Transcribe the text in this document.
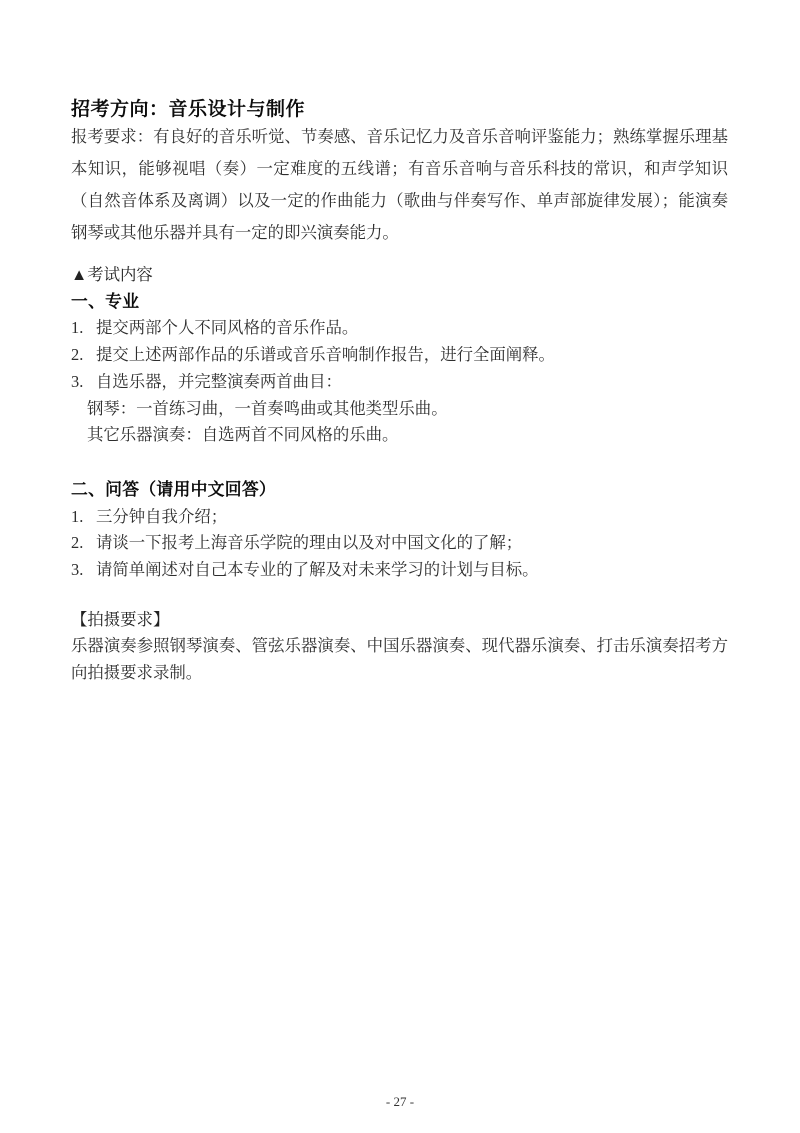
招考方向：音乐设计与制作

报考要求：有良好的音乐听觉、节奏感、音乐记忆力及音乐音响评鉴能力；熟练掌握乐理基本知识，能够视唱（奏）一定难度的五线谱；有音乐音响与音乐科技的常识，和声学知识（自然音体系及离调）以及一定的作曲能力（歌曲与伴奏写作、单声部旋律发展）；能演奏钢琴或其他乐器并具有一定的即兴演奏能力。

▲考试内容
一、专业
1. 提交两部个人不同风格的音乐作品。
2. 提交上述两部作品的乐谱或音乐音响制作报告，进行全面阐释。
3. 自选乐器，并完整演奏两首曲目：
钢琴：一首练习曲，一首奏鸣曲或其他类型乐曲。
其它乐器演奏：自选两首不同风格的乐曲。
二、问答（请用中文回答）
1. 三分钟自我介绍；
2. 请谈一下报考上海音乐学院的理由以及对中国文化的了解；
3. 请简单阐述对自己本专业的了解及对未来学习的计划与目标。
【拍摄要求】

乐器演奏参照钢琴演奏、管弦乐器演奏、中国乐器演奏、现代器乐演奏、打击乐演奏招考方向拍摄要求录制。

- 27 -
